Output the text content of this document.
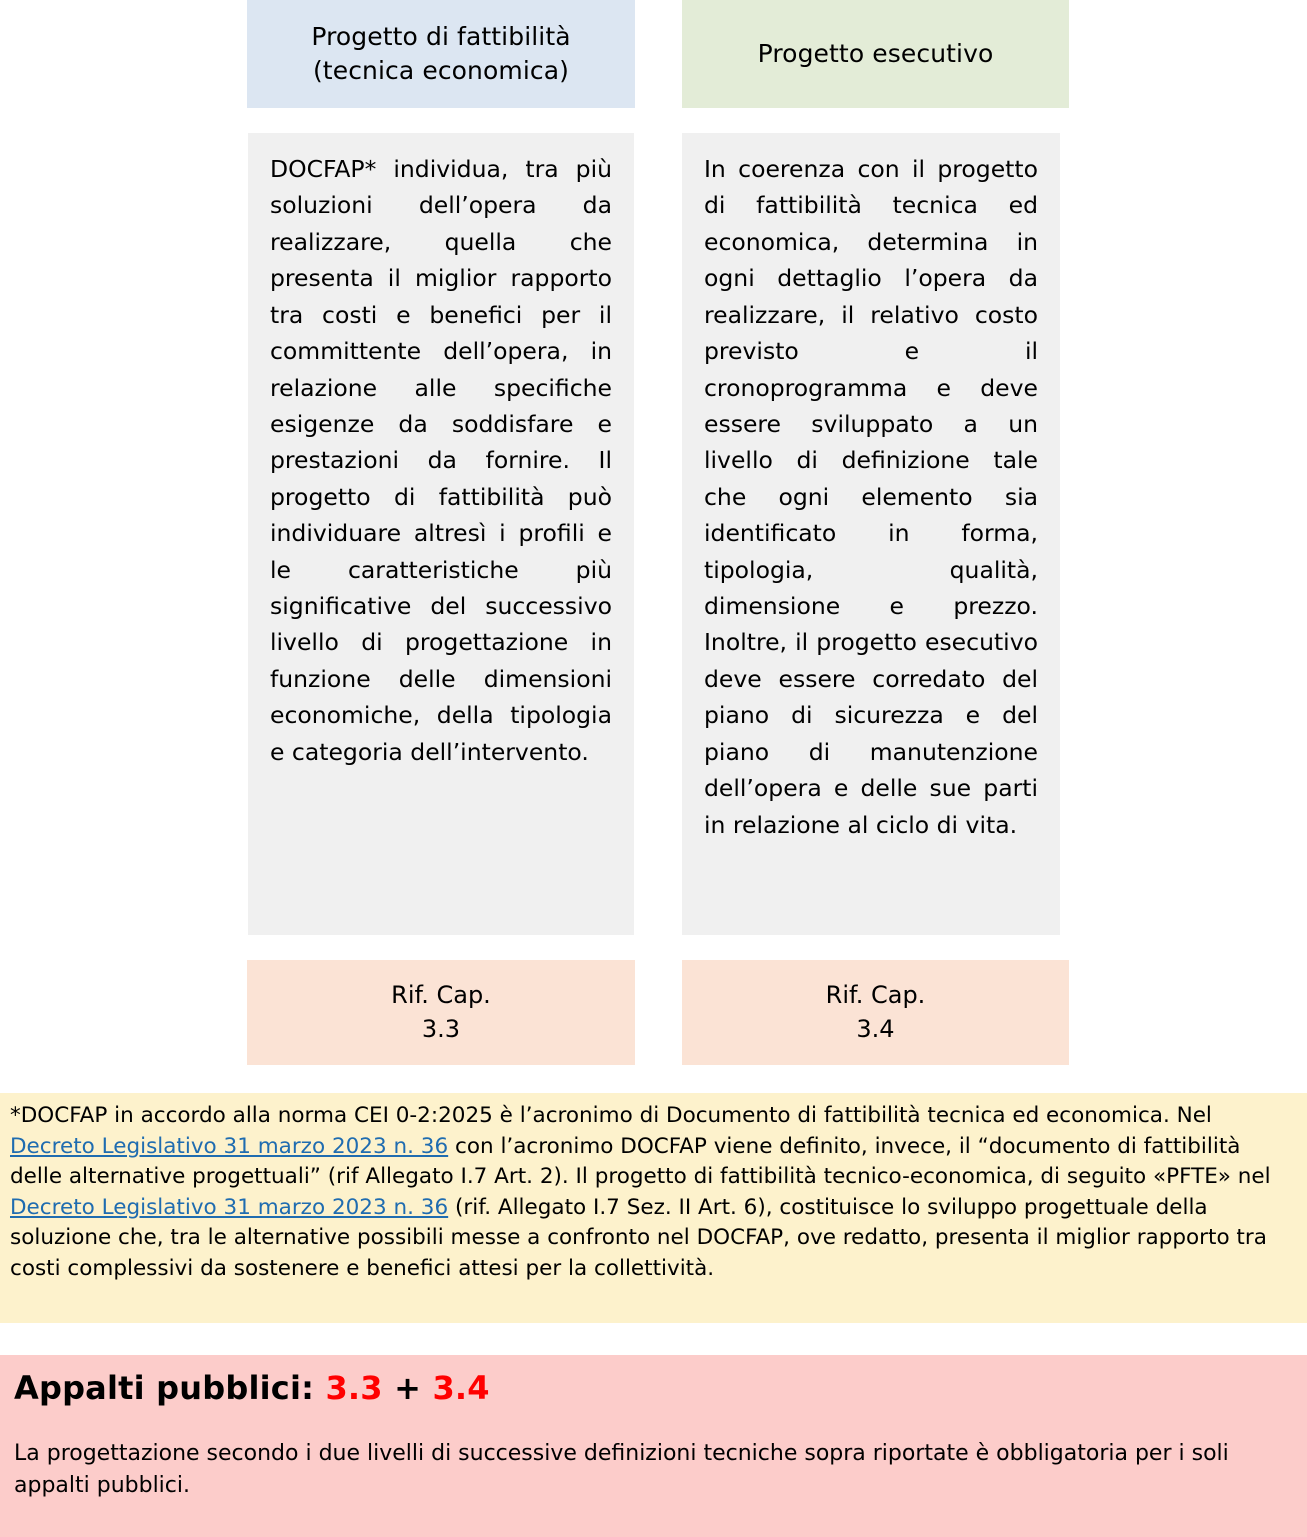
Progetto di fattibilità
(tecnica economica)
DOCFAP* individua, tra più soluzioni dell’opera da realizzare, quella che presenta il miglior rapporto tra costi e benefici per il committente dell’opera, in relazione alle specifiche esigenze da soddisfare e prestazioni da fornire. Il progetto di fattibilità può individuare altresì i profili e le caratteristiche più significative del successivo livello di progettazione in funzione delle dimensioni economiche, della tipologia e categoria dell’intervento.
Rif. Cap.
3.3
Progetto esecutivo
In coerenza con il progetto di fattibilità tecnica ed economica, determina in ogni dettaglio l’opera da realizzare, il relativo costo previsto e il cronoprogramma e deve essere sviluppato a un livello di definizione tale che ogni elemento sia identificato in forma, tipologia, qualità, dimensione e prezzo. Inoltre, il progetto esecutivo deve essere corredato del piano di sicurezza e del piano di manutenzione dell’opera e delle sue parti in relazione al ciclo di vita.
Rif. Cap.
3.4

*DOCFAP in accordo alla norma CEI 0-2:2025 è l’acronimo di Documento di fattibilità tecnica ed economica. Nel Decreto Legislativo 31 marzo 2023 n. 36 con l’acronimo DOCFAP viene definito, invece, il “documento di fattibilità delle alternative progettuali” (rif Allegato I.7 Art. 2). Il progetto di fattibilità tecnico-economica, di seguito «PFTE» nel Decreto Legislativo 31 marzo 2023 n. 36 (rif. Allegato I.7 Sez. II Art. 6), costituisce lo sviluppo progettuale della soluzione che, tra le alternative possibili messe a confronto nel DOCFAP, ove redatto, presenta il miglior rapporto tra costi complessivi da sostenere e benefici attesi per la collettività.

Appalti pubblici: 3.3 + 3.4

La progettazione secondo i due livelli di successive definizioni tecniche sopra riportate è obbligatoria per i soli appalti pubblici.
